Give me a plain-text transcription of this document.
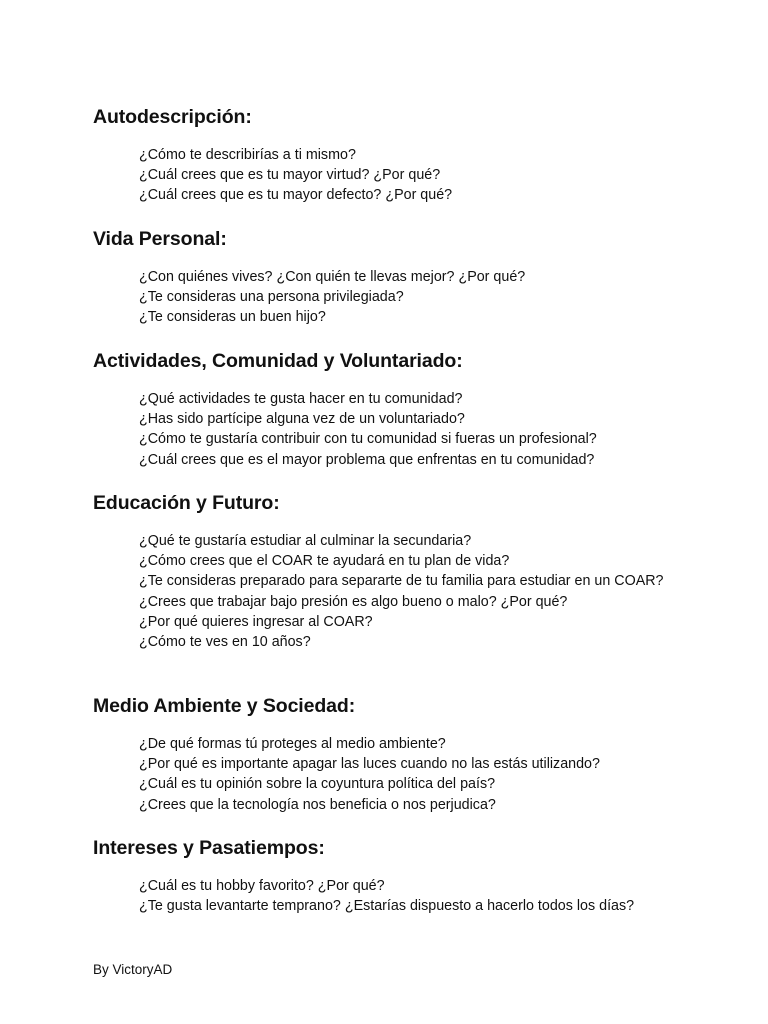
Autodescripción:
¿Cómo te describirías a ti mismo?
¿Cuál crees que es tu mayor virtud? ¿Por qué?
¿Cuál crees que es tu mayor defecto? ¿Por qué?
Vida Personal:
¿Con quiénes vives? ¿Con quién te llevas mejor? ¿Por qué?
¿Te consideras una persona privilegiada?
¿Te consideras un buen hijo?
Actividades, Comunidad y Voluntariado:
¿Qué actividades te gusta hacer en tu comunidad?
¿Has sido partícipe alguna vez de un voluntariado?
¿Cómo te gustaría contribuir con tu comunidad si fueras un profesional?
¿Cuál crees que es el mayor problema que enfrentas en tu comunidad?
Educación y Futuro:
¿Qué te gustaría estudiar al culminar la secundaria?
¿Cómo crees que el COAR te ayudará en tu plan de vida?
¿Te consideras preparado para separarte de tu familia para estudiar en un COAR?
¿Crees que trabajar bajo presión es algo bueno o malo? ¿Por qué?
¿Por qué quieres ingresar al COAR?
¿Cómo te ves en 10 años?
Medio Ambiente y Sociedad:
¿De qué formas tú proteges al medio ambiente?
¿Por qué es importante apagar las luces cuando no las estás utilizando?
¿Cuál es tu opinión sobre la coyuntura política del país?
¿Crees que la tecnología nos beneficia o nos perjudica?
Intereses y Pasatiempos:
¿Cuál es tu hobby favorito? ¿Por qué?
¿Te gusta levantarte temprano? ¿Estarías dispuesto a hacerlo todos los días?
By VictoryAD
